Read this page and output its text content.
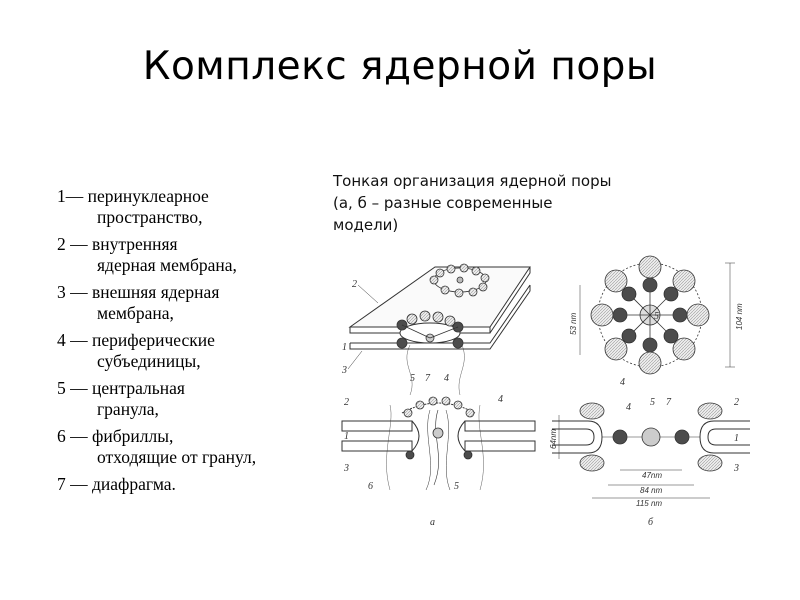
Комплекс ядерной поры
1— перинуклеарное
пространство,
2 — внутренняя
ядерная мембрана,
3 — внешняя ядерная
мембрана,
4 — периферические
субъединицы,
5 — центральная
гранула,
6 — фибриллы,
отходящие от гранул,
7 — диафрагма.
Тонкая организация ядерной поры
(а, б – разные современные
модели)
2
1
3
2
1
3
6
5 7 4
4
5
а
53 nm	104 nm
5
4
64nm
47nm
84 nm
115 nm
4 5 7	2
1
3
б
